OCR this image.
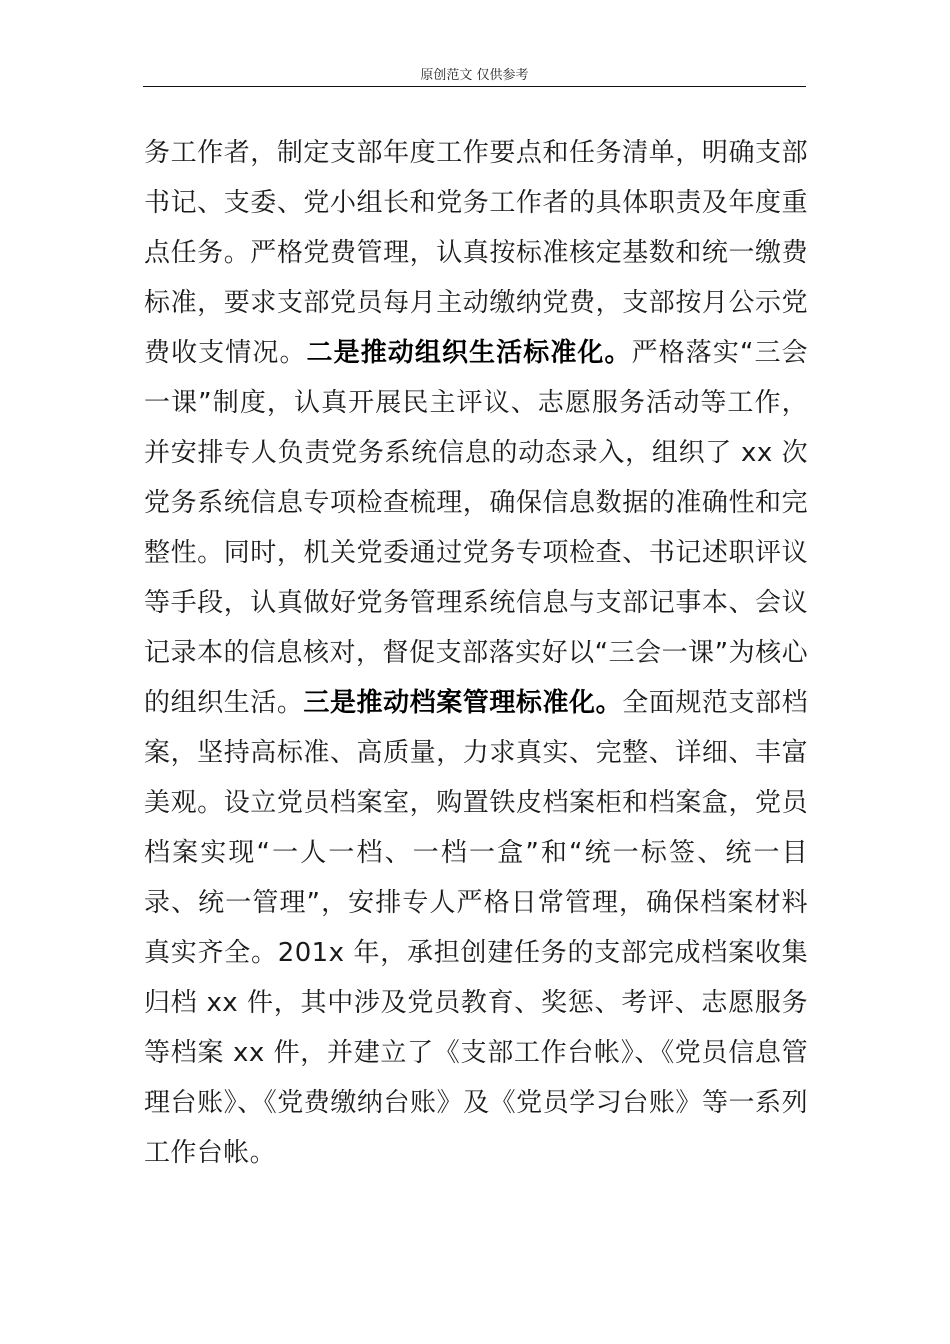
原创范文 仅供参考

务工作者，制定支部年度工作要点和任务清单，明确支部书记、支委、党小组长和党务工作者的具体职责及年度重点任务。严格党费管理，认真按标准核定基数和统一缴费标准，要求支部党员每月主动缴纳党费，支部按月公示党费收支情况。二是推动组织生活标准化。严格落实“三会一课”制度，认真开展民主评议、志愿服务活动等工作，并安排专人负责党务系统信息的动态录入，组织了 xx 次党务系统信息专项检查梳理，确保信息数据的准确性和完整性。同时，机关党委通过党务专项检查、书记述职评议等手段，认真做好党务管理系统信息与支部记事本、会议记录本的信息核对，督促支部落实好以“三会一课”为核心的组织生活。三是推动档案管理标准化。全面规范支部档案，坚持高标准、高质量，力求真实、完整、详细、丰富美观。设立党员档案室，购置铁皮档案柜和档案盒，党员档案实现“一人一档、一档一盒”和“统一标签、统一目录、统一管理”，安排专人严格日常管理，确保档案材料真实齐全。201x 年，承担创建任务的支部完成档案收集归档 xx 件，其中涉及党员教育、奖惩、考评、志愿服务等档案 xx 件，并建立了《支部工作台帐》、《党员信息管理台账》、《党费缴纳台账》及《党员学习台账》等一系列工作台帐。
